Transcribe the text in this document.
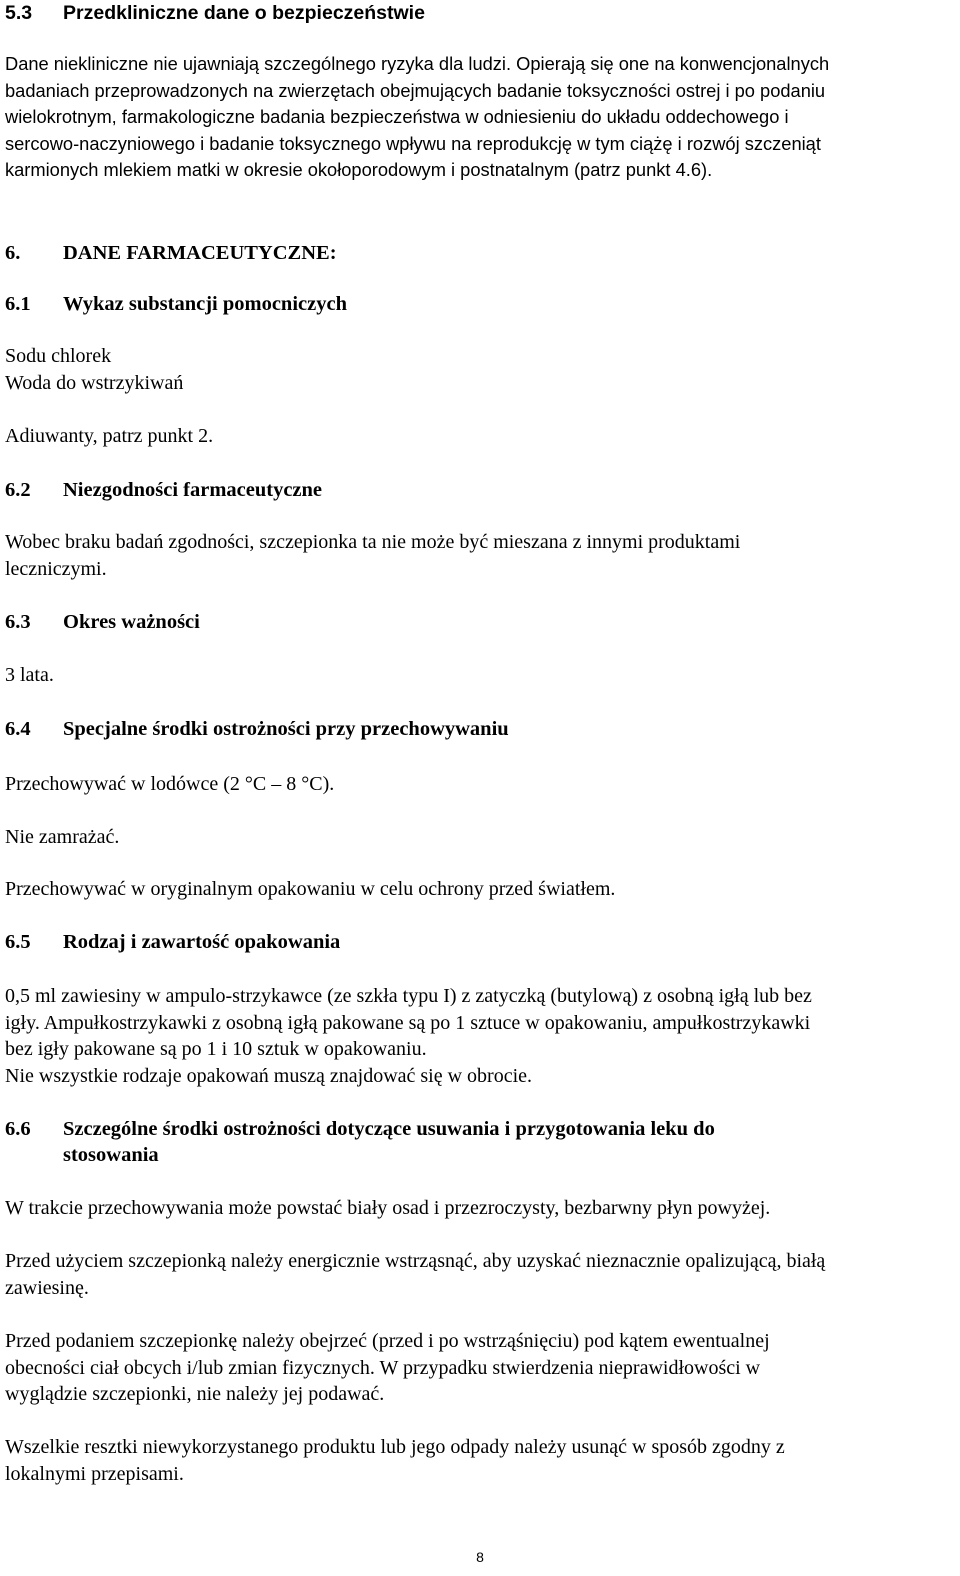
5.3 Przedkliniczne dane o bezpieczeństwie
Dane niekliniczne nie ujawniają szczególnego ryzyka dla ludzi. Opierają się one na konwencjonalnych
badaniach przeprowadzonych na zwierzętach obejmujących badanie toksyczności ostrej i po podaniu
wielokrotnym, farmakologiczne badania bezpieczeństwa w odniesieniu do układu oddechowego i
sercowo-naczyniowego i badanie toksycznego wpływu na reprodukcję w tym ciążę i rozwój szczeniąt
karmionych mlekiem matki w okresie okołoporodowym i postnatalnym (patrz punkt 4.6).
6. DANE FARMACEUTYCZNE:
6.1 Wykaz substancji pomocniczych
Sodu chlorek
Woda do wstrzykiwań
Adiuwanty, patrz punkt 2.
6.2 Niezgodności farmaceutyczne
Wobec braku badań zgodności, szczepionka ta nie może być mieszana z innymi produktami
leczniczymi.
6.3 Okres ważności
3 lata.
6.4 Specjalne środki ostrożności przy przechowywaniu
Przechowywać w lodówce (2 °C – 8 °C).
Nie zamrażać.
Przechowywać w oryginalnym opakowaniu w celu ochrony przed światłem.
6.5 Rodzaj i zawartość opakowania
0,5 ml zawiesiny w ampulo-strzykawce (ze szkła typu I) z zatyczką (butylową) z osobną igłą lub bez
igły. Ampułkostrzykawki z osobną igłą pakowane są po 1 sztuce w opakowaniu, ampułkostrzykawki
bez igły pakowane są po 1 i 10 sztuk w opakowaniu.
Nie wszystkie rodzaje opakowań muszą znajdować się w obrocie.
6.6 Szczególne środki ostrożności dotyczące usuwania i przygotowania leku do
stosowania
W trakcie przechowywania może powstać biały osad i przezroczysty, bezbarwny płyn powyżej.
Przed użyciem szczepionką należy energicznie wstrząsnąć, aby uzyskać nieznacznie opalizującą, białą
zawiesinę.
Przed podaniem szczepionkę należy obejrzeć (przed i po wstrząśnięciu) pod kątem ewentualnej
obecności ciał obcych i/lub zmian fizycznych. W przypadku stwierdzenia nieprawidłowości w
wyglądzie szczepionki, nie należy jej podawać.
Wszelkie resztki niewykorzystanego produktu lub jego odpady należy usunąć w sposób zgodny z
lokalnymi przepisami.
8
